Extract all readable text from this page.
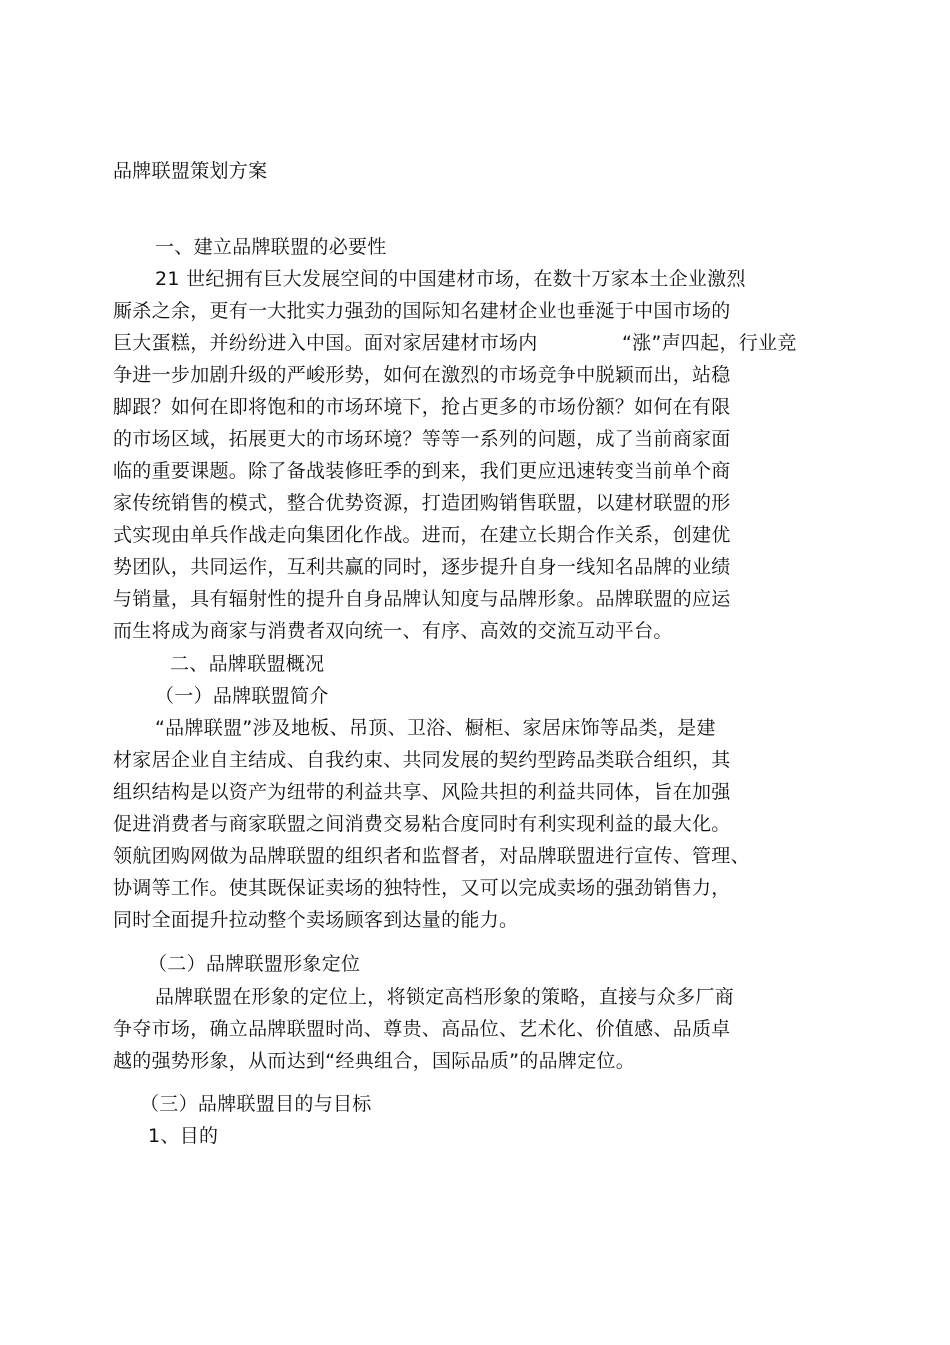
品牌联盟策划方案

一、建立品牌联盟的必要性

21 世纪拥有巨大发展空间的中国建材市场，在数十万家本土企业激烈

厮杀之余，更有一大批实力强劲的国际知名建材企业也垂涎于中国市场的

巨大蛋糕，并纷纷进入中国。面对家居建材市场内	“涨”声四起，行业竞

争进一步加剧升级的严峻形势，如何在激烈的市场竞争中脱颖而出，站稳

脚跟？如何在即将饱和的市场环境下，抢占更多的市场份额？如何在有限

的市场区域，拓展更大的市场环境？等等一系列的问题，成了当前商家面

临的重要课题。除了备战装修旺季的到来，我们更应迅速转变当前单个商

家传统销售的模式，整合优势资源，打造团购销售联盟，以建材联盟的形

式实现由单兵作战走向集团化作战。进而，在建立长期合作关系，创建优

势团队，共同运作，互利共赢的同时，逐步提升自身一线知名品牌的业绩

与销量，具有辐射性的提升自身品牌认知度与品牌形象。品牌联盟的应运

而生将成为商家与消费者双向统一、有序、高效的交流互动平台。

二、品牌联盟概况

（一）品牌联盟简介

“品牌联盟”涉及地板、吊顶、卫浴、橱柜、家居床饰等品类，是建

材家居企业自主结成、自我约束、共同发展的契约型跨品类联合组织，其

组织结构是以资产为纽带的利益共享、风险共担的利益共同体，旨在加强

促进消费者与商家联盟之间消费交易粘合度同时有利实现利益的最大化。

领航团购网做为品牌联盟的组织者和监督者，对品牌联盟进行宣传、管理、

协调等工作。使其既保证卖场的独特性，又可以完成卖场的强劲销售力，

同时全面提升拉动整个卖场顾客到达量的能力。

（二）品牌联盟形象定位

品牌联盟在形象的定位上，将锁定高档形象的策略，直接与众多厂商

争夺市场，确立品牌联盟时尚、尊贵、高品位、艺术化、价值感、品质卓

越的强势形象，从而达到“经典组合，国际品质”的品牌定位。

（三）品牌联盟目的与目标

1、目的
